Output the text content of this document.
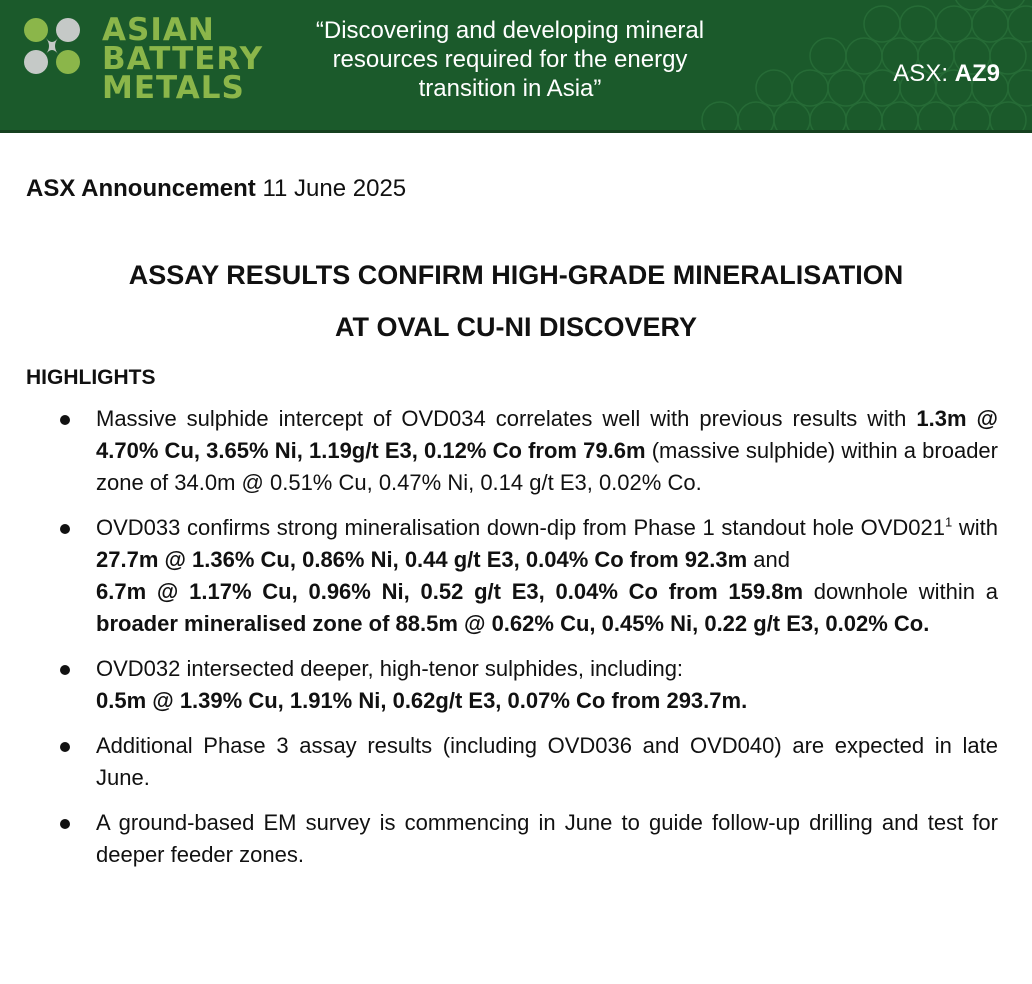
ASIAN
BATTERY
METALS
“Discovering and developing mineral resources required for the energy transition in Asia”
ASX: AZ9
ASX Announcement 11 June 2025
ASSAY RESULTS CONFIRM HIGH-GRADE MINERALISATION
AT OVAL CU-NI DISCOVERY
HIGHLIGHTS
Massive sulphide intercept of OVD034 correlates well with previous results with 1.3m @ 4.70% Cu, 3.65% Ni, 1.19g/t E3, 0.12% Co from 79.6m (massive sulphide) within a broader zone of 34.0m @ 0.51% Cu, 0.47% Ni, 0.14 g/t E3, 0.02% Co.
OVD033 confirms strong mineralisation down-dip from Phase 1 standout hole $OVD021^1$ with 27.7m @ 1.36% Cu, 0.86% Ni, 0.44 g/t E3, 0.04% Co from 92.3m and
6.7m @ 1.17% Cu, 0.96% Ni, 0.52 g/t E3, 0.04% Co from 159.8m downhole within a broader mineralised zone of 88.5m @ 0.62% Cu, 0.45% Ni, 0.22 g/t E3, 0.02% Co.
OVD032 intersected deeper, high-tenor sulphides, including:
0.5m @ 1.39% Cu, 1.91% Ni, 0.62g/t E3, 0.07% Co from 293.7m.
Additional Phase 3 assay results (including OVD036 and OVD040) are expected in late June.
A ground-based EM survey is commencing in June to guide follow-up drilling and test for deeper feeder zones.
